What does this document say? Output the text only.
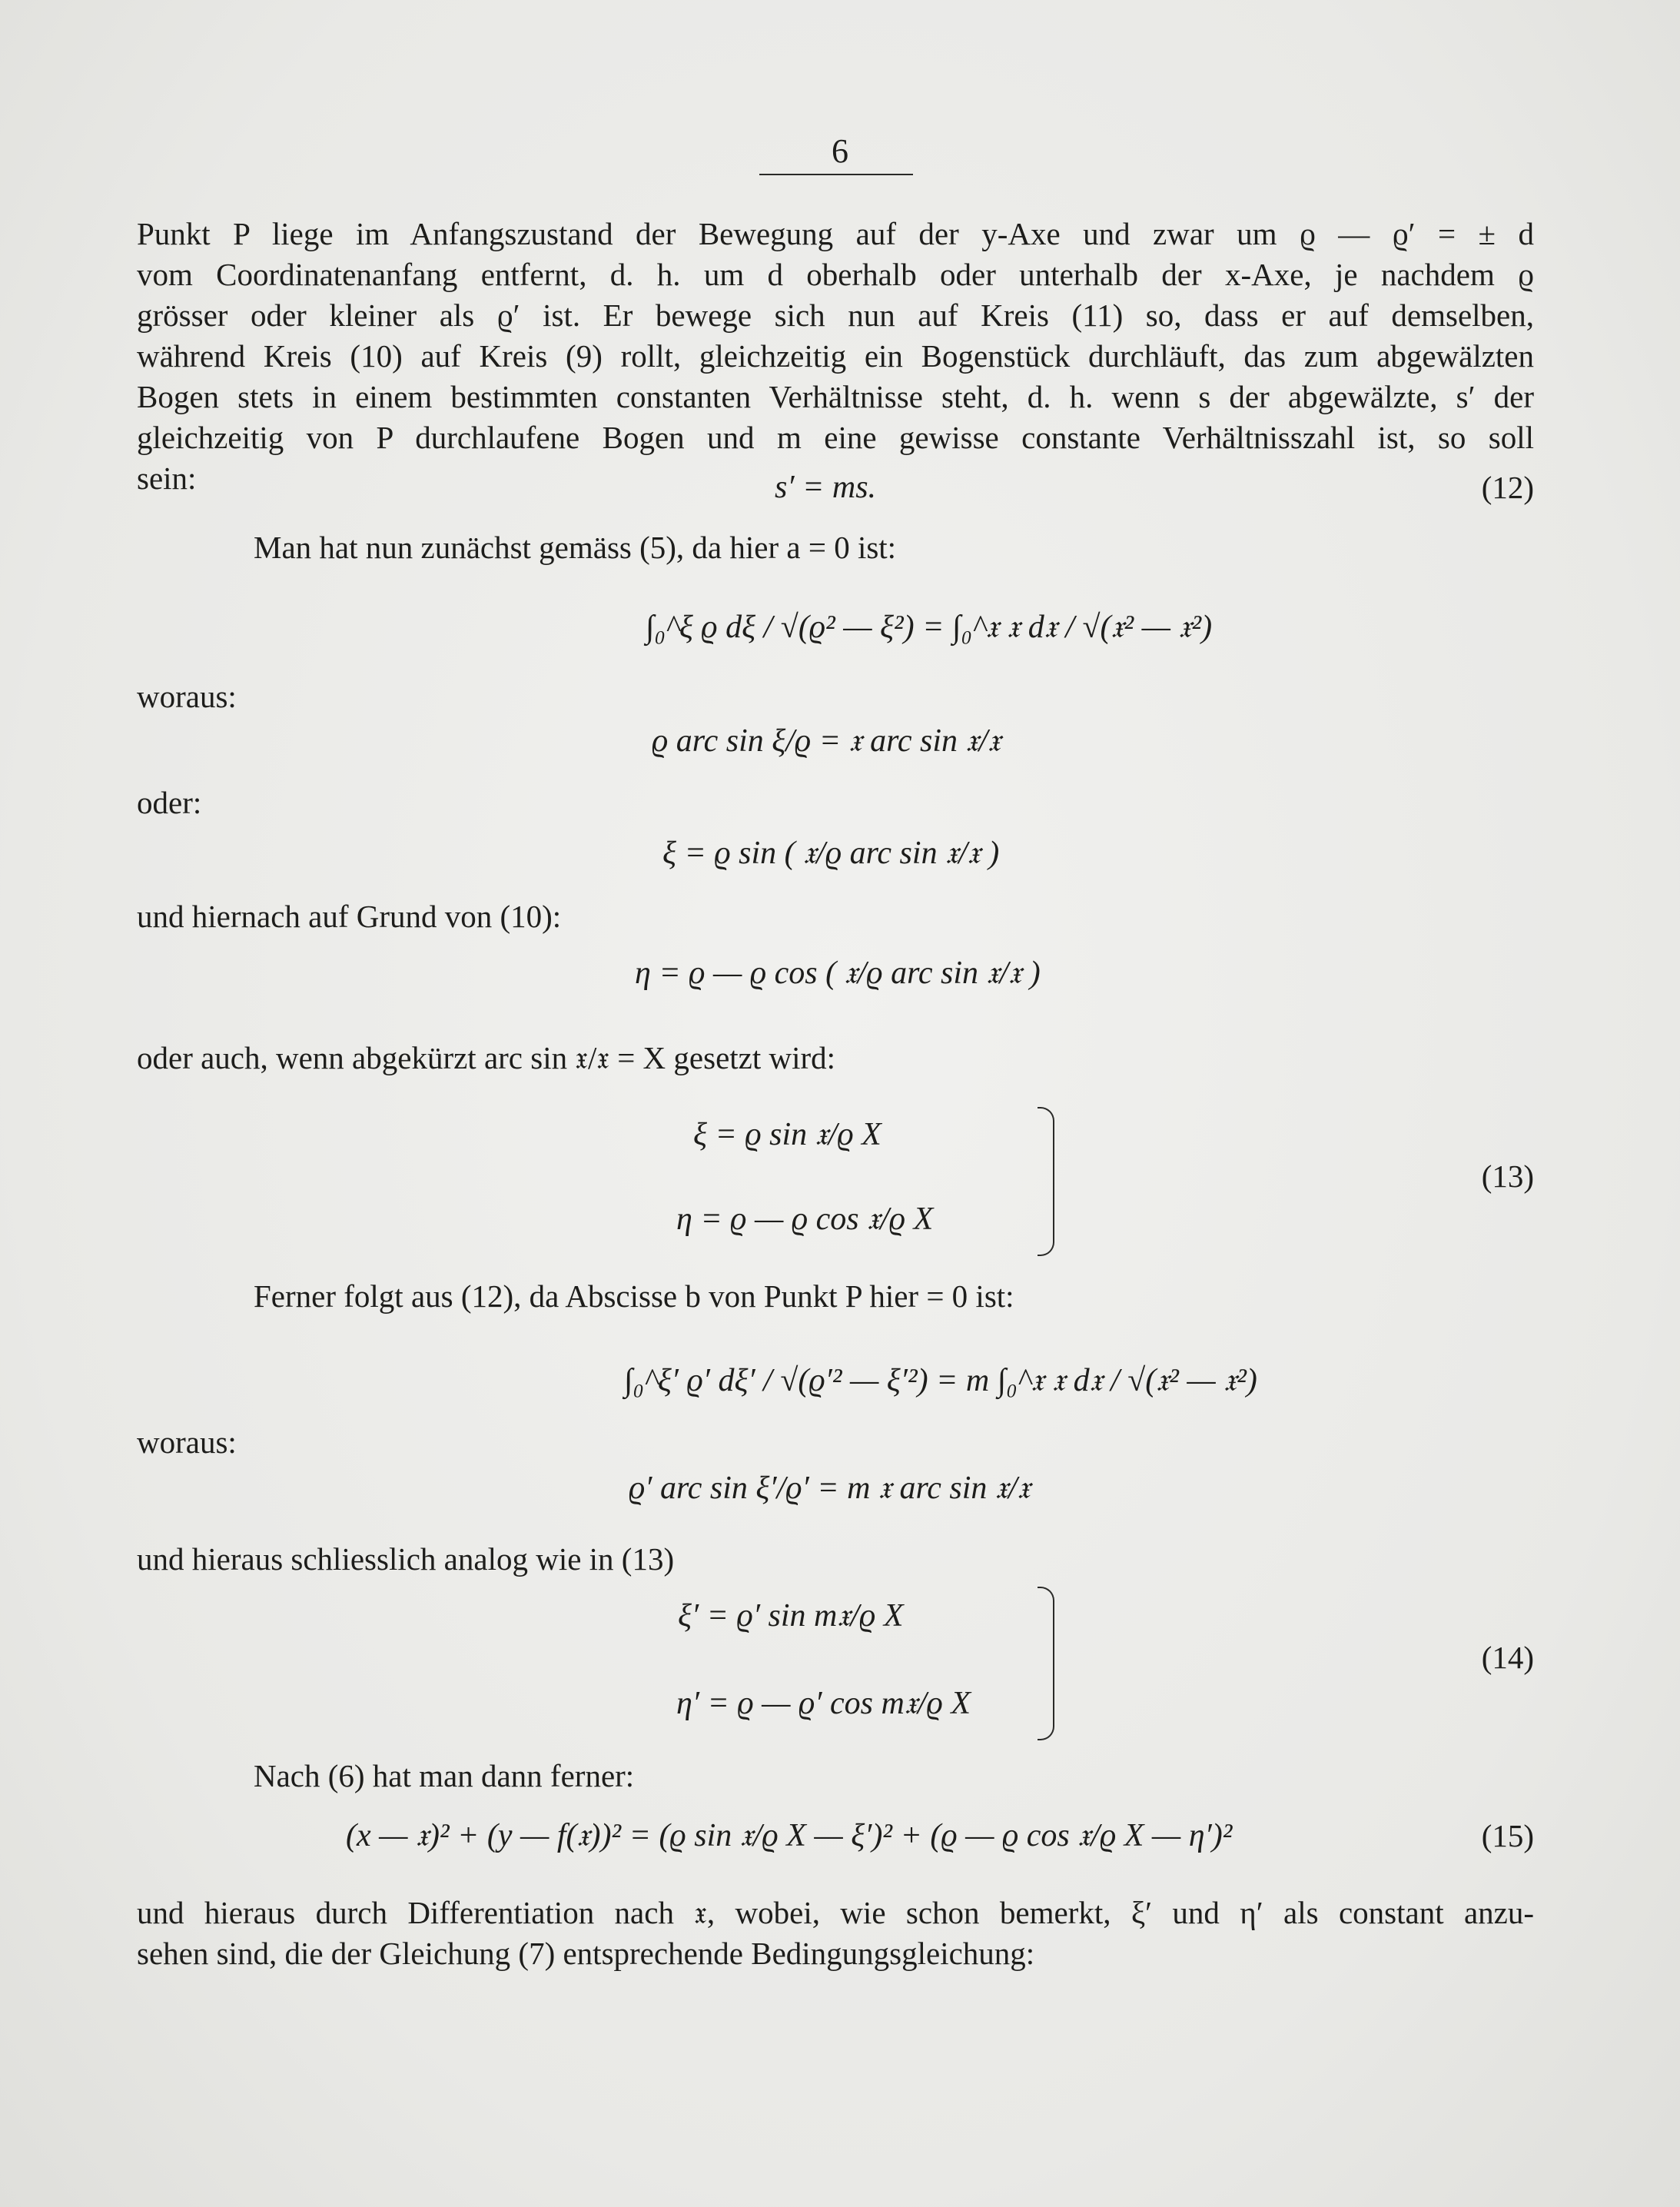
6
Punkt P liege im Anfangszustand der Bewegung auf der y-Axe und zwar um ϱ — ϱ′ = ± d
vom Coordinatenanfang entfernt, d. h. um d oberhalb oder unterhalb der x-Axe, je nachdem ϱ
grösser oder kleiner als ϱ′ ist. Er bewege sich nun auf Kreis (11) so, dass er auf demselben,
während Kreis (10) auf Kreis (9) rollt, gleichzeitig ein Bogenstück durchläuft, das zum abgewälzten
Bogen stets in einem bestimmten constanten Verhältnisse steht, d. h. wenn s der abgewälzte, s′ der
gleichzeitig von P durchlaufene Bogen und m eine gewisse constante Verhältnisszahl ist, so soll
sein:	s′ = ms.	(12)
Man hat nun zunächst gemäss (5), da hier a = 0 ist:
∫₀^ξ ϱ dξ / √(ϱ² — ξ²) = ∫₀^𝔵 𝔵 d𝔵 / √(𝔵² — 𝔵²)
woraus:
ϱ arc sin ξ/ϱ = 𝔵 arc sin 𝔵/𝔵
oder:
ξ = ϱ sin ( 𝔵/ϱ arc sin 𝔵/𝔵 )
und hiernach auf Grund von (10):
η = ϱ — ϱ cos ( 𝔵/ϱ arc sin 𝔵/𝔵 )
oder auch, wenn abgekürzt arc sin 𝔵/𝔵 = X gesetzt wird:
ξ = ϱ sin 𝔵/ϱ X
η = ϱ — ϱ cos 𝔵/ϱ X
(13)
Ferner folgt aus (12), da Abscisse b von Punkt P hier = 0 ist:
∫₀^ξ′ ϱ′ dξ′ / √(ϱ′² — ξ′²) = m ∫₀^𝔵 𝔵 d𝔵 / √(𝔵² — 𝔵²)
woraus:
ϱ′ arc sin ξ′/ϱ′ = m 𝔵 arc sin 𝔵/𝔵
und hieraus schliesslich analog wie in (13)
ξ′ = ϱ′ sin m𝔵/ϱ X
η′ = ϱ — ϱ′ cos m𝔵/ϱ X
(14)
Nach (6) hat man dann ferner:
(x — 𝔵)² + (y — f(𝔵))² = (ϱ sin 𝔵/ϱ X — ξ′)² + (ϱ — ϱ cos 𝔵/ϱ X — η′)²	(15)
und hieraus durch Differentiation nach 𝔵, wobei, wie schon bemerkt, ξ′ und η′ als constant anzu-
sehen sind, die der Gleichung (7) entsprechende Bedingungsgleichung:
